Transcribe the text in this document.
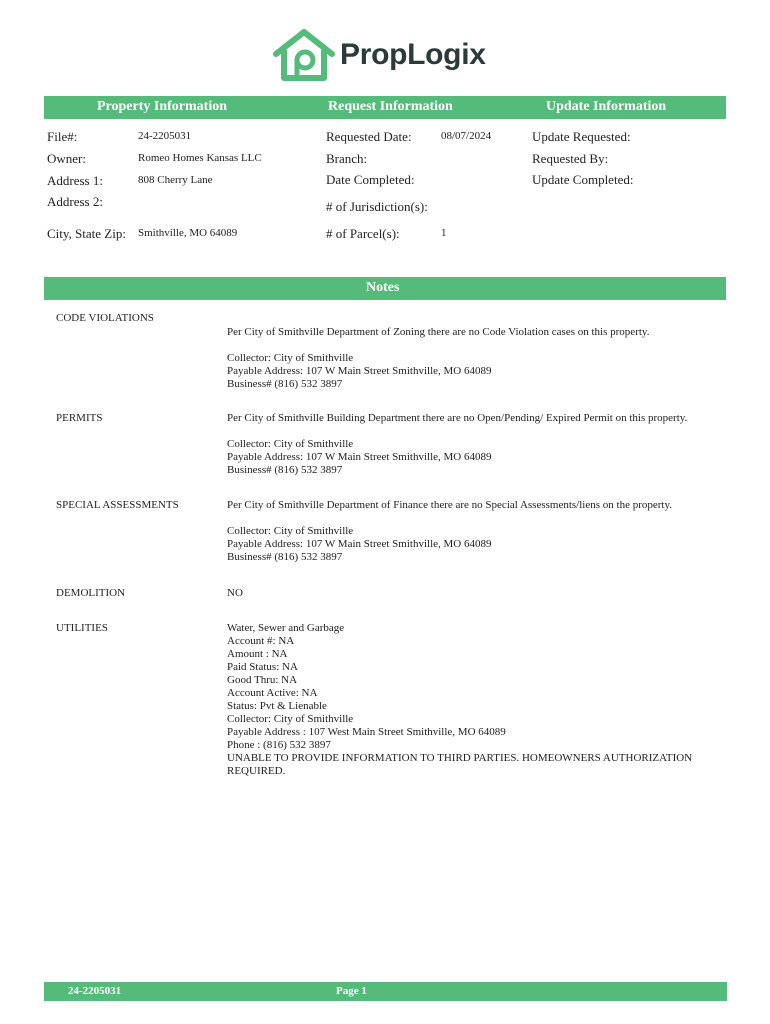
PropLogix
Property Information	Request Information	Update Information
File#:	24-2205031
Owner:	Romeo Homes Kansas LLC
Address 1:	808 Cherry Lane
Address 2:
City, State Zip: Smithville, MO 64089
Requested Date:	08/07/2024
Branch:
Date Completed:
# of Jurisdiction(s):
# of Parcel(s):	1
Update Requested:
Requested By:
Update Completed:
Notes
CODE VIOLATIONS
Per City of Smithville Department of Zoning there are no Code Violation cases on this property.

Collector: City of Smithville
Payable Address: 107 W Main Street Smithville, MO 64089
Business# (816) 532 3897
PERMITS	Per City of Smithville Building Department there are no Open/Pending/ Expired Permit on this property.

Collector: City of Smithville
Payable Address: 107 W Main Street Smithville, MO 64089
Business# (816) 532 3897
SPECIAL ASSESSMENTS	Per City of Smithville Department of Finance there are no Special Assessments/liens on the property.

Collector: City of Smithville
Payable Address: 107 W Main Street Smithville, MO 64089
Business# (816) 532 3897
DEMOLITION	NO
UTILITIES	Water, Sewer and Garbage
Account #: NA
Amount : NA
Paid Status: NA
Good Thru: NA
Account Active: NA
Status: Pvt & Lienable
Collector: City of Smithville
Payable Address : 107 West Main Street Smithville, MO 64089
Phone : (816) 532 3897
UNABLE TO PROVIDE INFORMATION TO THIRD PARTIES. HOMEOWNERS AUTHORIZATION REQUIRED.
24-2205031	Page 1
